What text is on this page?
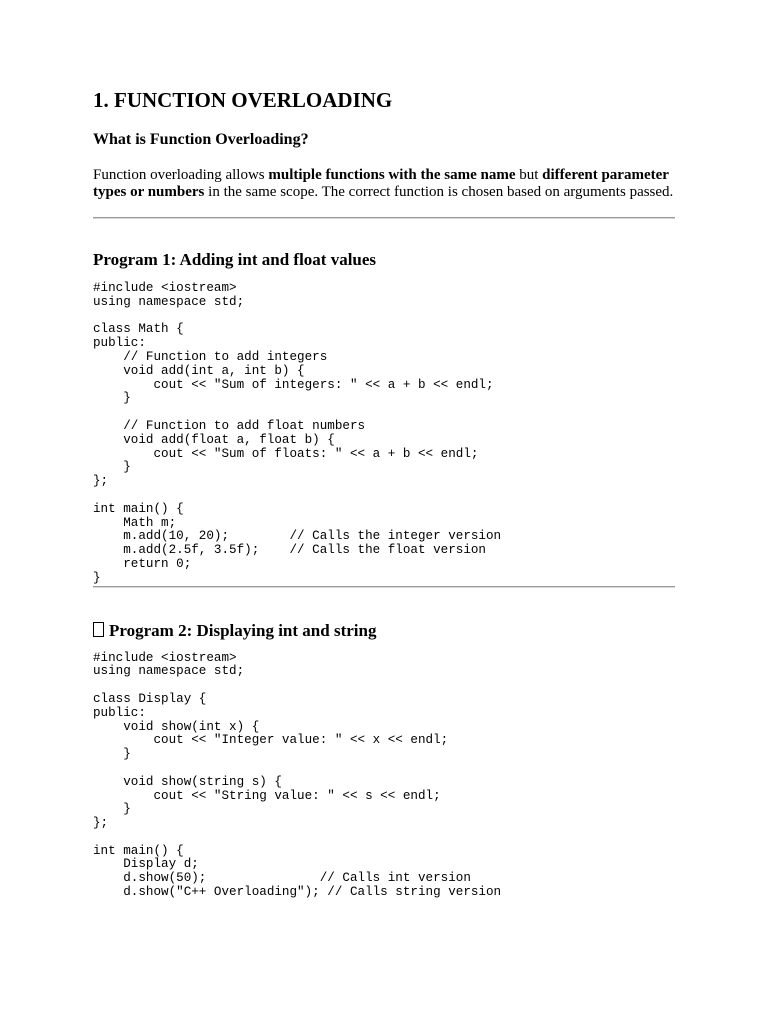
1. FUNCTION OVERLOADING
What is Function Overloading?

Function overloading allows multiple functions with the same name but different parameter types or numbers in the same scope. The correct function is chosen based on arguments passed.

Program 1: Adding int and float values
#include <iostream>
using namespace std;

class Math {
public:
// Function to add integers
void add(int a, int b) {
cout << "Sum of integers: " << a + b << endl;
}

// Function to add float numbers
void add(float a, float b) {
cout << "Sum of floats: " << a + b << endl;
}
};

int main() {
Math m;
m.add(10, 20);        // Calls the integer version
m.add(2.5f, 3.5f);    // Calls the float version
return 0;
}
Program 2: Displaying int and string
#include <iostream>
using namespace std;

class Display {
public:
void show(int x) {
cout << "Integer value: " << x << endl;
}

void show(string s) {
cout << "String value: " << s << endl;
}
};

int main() {
Display d;
d.show(50);               // Calls int version
d.show("C++ Overloading"); // Calls string version
